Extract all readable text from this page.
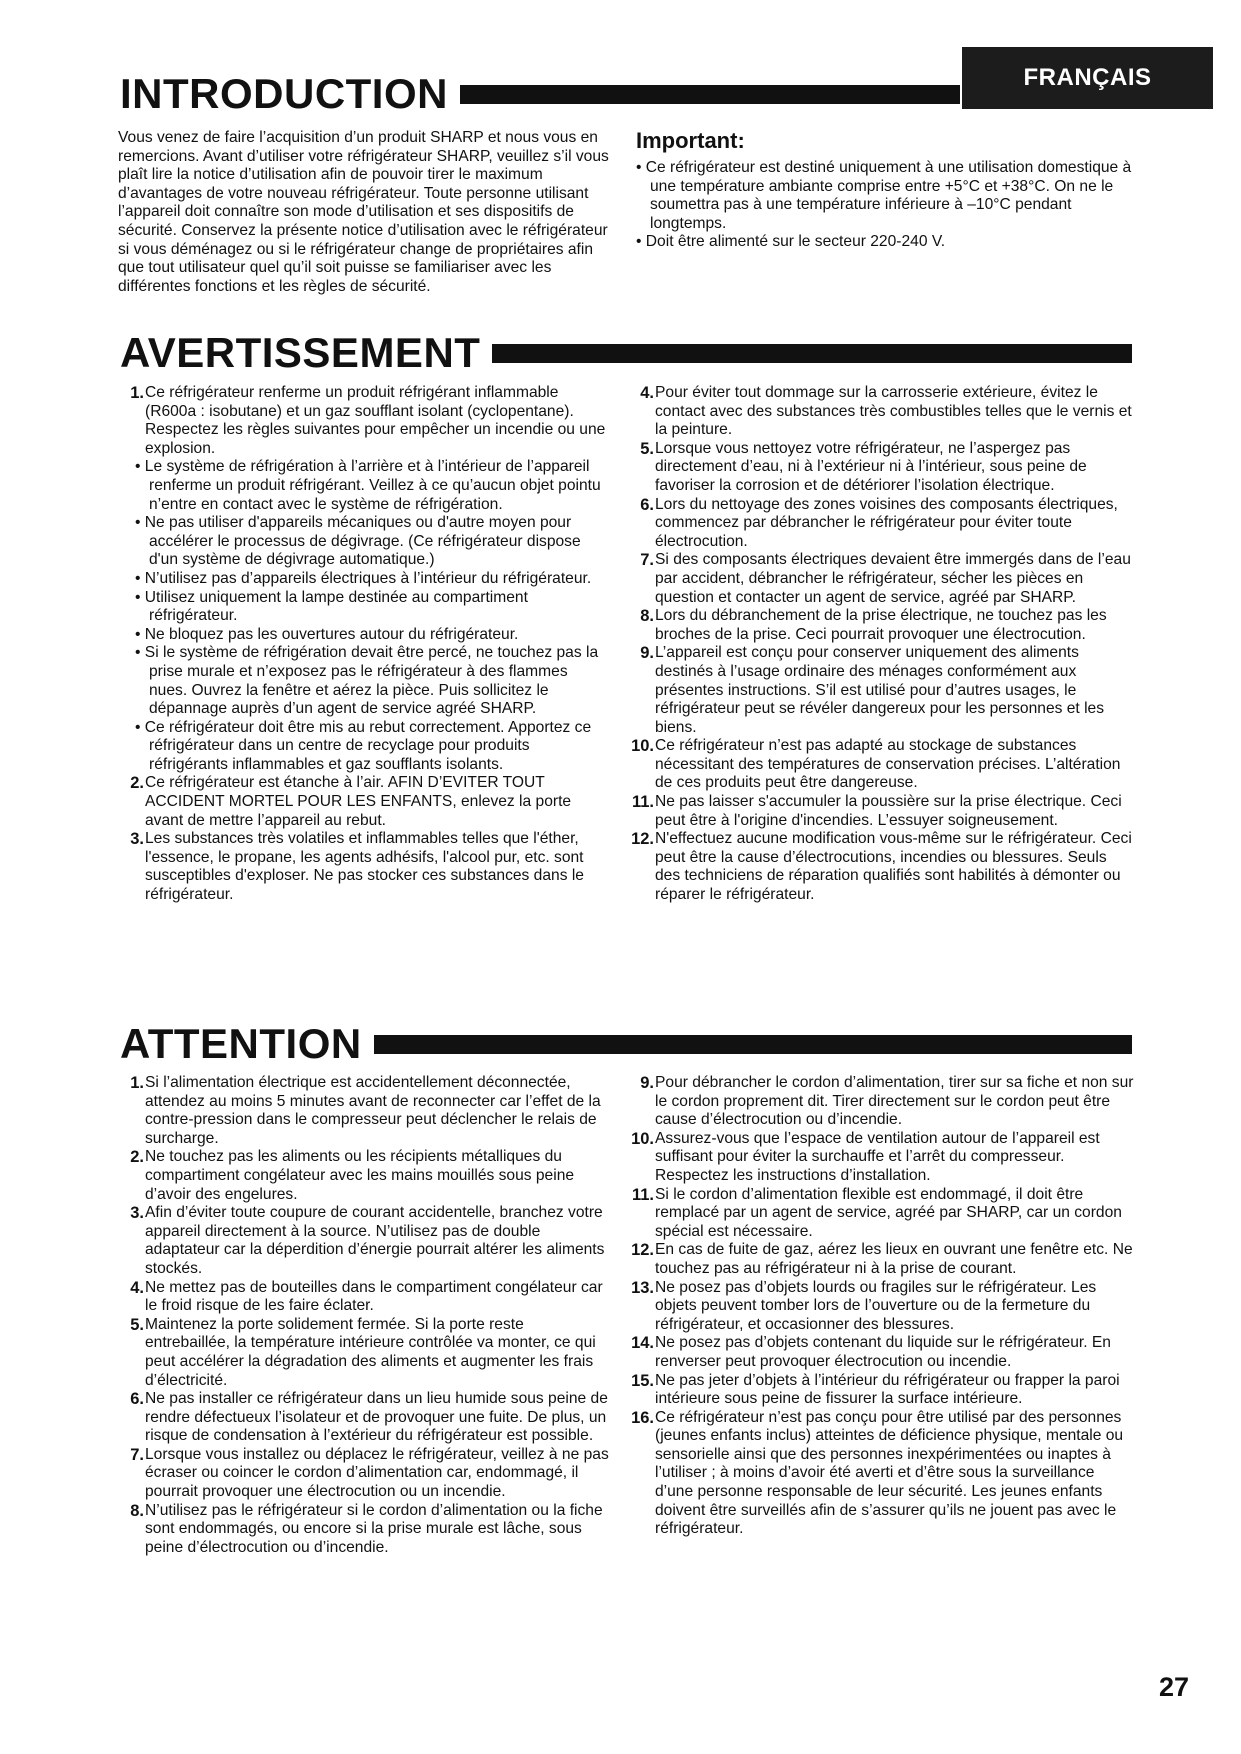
FRANÇAIS
INTRODUCTION

Vous venez de faire l’acquisition d’un produit SHARP et nous vous en remercions. Avant d’utiliser votre réfrigérateur SHARP, veuillez s’il vous plaît lire la notice d’utilisation afin de pouvoir tirer le maximum d’avantages de votre nouveau réfrigérateur. Toute personne utilisant l’appareil doit connaître son mode d’utilisation et ses dispositifs de sécurité. Conservez la présente notice d’utilisation avec le réfrigérateur si vous déménagez ou si le réfrigérateur change de propriétaires afin que tout utilisateur quel qu’il soit puisse se familiariser avec les différentes fonctions et les règles de sécurité.

Important:

• Ce réfrigérateur est destiné uniquement à une utilisation domestique à une température ambiante comprise entre +5°C et +38°C. On ne le soumettra pas à une température inférieure à –10°C pendant longtemps.

• Doit être alimenté sur le secteur 220-240 V.

AVERTISSEMENT
1. Ce réfrigérateur renferme un produit réfrigérant inflammable (R600a : isobutane) et un gaz soufflant isolant (cyclopentane). Respectez les règles suivantes pour empêcher un incendie ou une explosion.

• Le système de réfrigération à l’arrière et à l’intérieur de l’appareil renferme un produit réfrigérant. Veillez à ce qu’aucun objet pointu n’entre en contact avec le système de réfrigération.
• Ne pas utiliser d'appareils mécaniques ou d'autre moyen pour accélérer le processus de dégivrage. (Ce réfrigérateur dispose d'un système de dégivrage automatique.)
• N’utilisez pas d’appareils électriques à l’intérieur du réfrigérateur.
• Utilisez uniquement la lampe destinée au compartiment réfrigérateur.
• Ne bloquez pas les ouvertures autour du réfrigérateur.
• Si le système de réfrigération devait être percé, ne touchez pas la prise murale et n’exposez pas le réfrigérateur à des flammes nues. Ouvrez la fenêtre et aérez la pièce. Puis sollicitez le dépannage auprès d’un agent de service agréé SHARP.
• Ce réfrigérateur doit être mis au rebut correctement. Apportez ce réfrigérateur dans un centre de recyclage pour produits réfrigérants inflammables et gaz soufflants isolants.
2. Ce réfrigérateur est étanche à l’air. AFIN D’EVITER TOUT ACCIDENT MORTEL POUR LES ENFANTS, enlevez la porte avant de mettre l’appareil au rebut.

3. Les substances très volatiles et inflammables telles que l'éther, l'essence, le propane, les agents adhésifs, l'alcool pur, etc. sont susceptibles d'exploser. Ne pas stocker ces substances dans le réfrigérateur.

4. Pour éviter tout dommage sur la carrosserie extérieure, évitez le contact avec des substances très combustibles telles que le vernis et la peinture.

5. Lorsque vous nettoyez votre réfrigérateur, ne l’aspergez pas directement d’eau, ni à l’extérieur ni à l’intérieur, sous peine de favoriser la corrosion et de détériorer l’isolation électrique.

6. Lors du nettoyage des zones voisines des composants électriques, commencez par débrancher le réfrigérateur pour éviter toute électrocution.

7. Si des composants électriques devaient être immergés dans de l’eau par accident, débrancher le réfrigérateur, sécher les pièces en question et contacter un agent de service, agréé par SHARP.

8. Lors du débranchement de la prise électrique, ne touchez pas les broches de la prise. Ceci pourrait provoquer une électrocution.

9. L’appareil est conçu pour conserver uniquement des aliments destinés à l’usage ordinaire des ménages conformément aux présentes instructions. S’il est utilisé pour d’autres usages, le réfrigérateur peut se révéler dangereux pour les personnes et les biens.

10. Ce réfrigérateur n’est pas adapté au stockage de substances nécessitant des températures de conservation précises. L’altération de ces produits peut être dangereuse.

11. Ne pas laisser s'accumuler la poussière sur la prise électrique. Ceci peut être à l'origine d'incendies. L’essuyer soigneusement.

12. N'effectuez aucune modification vous-même sur le réfrigérateur. Ceci peut être la cause d’électrocutions, incendies ou blessures. Seuls des techniciens de réparation qualifiés sont habilités à démonter ou réparer le réfrigérateur.

ATTENTION
1. Si l’alimentation électrique est accidentellement déconnectée, attendez au moins 5 minutes avant de reconnecter car l’effet de la contre-pression dans le compresseur peut déclencher le relais de surcharge.

2. Ne touchez pas les aliments ou les récipients métalliques du compartiment congélateur avec les mains mouillés sous peine d’avoir des engelures.

3. Afin d’éviter toute coupure de courant accidentelle, branchez votre appareil directement à la source. N’utilisez pas de double adaptateur car la déperdition d’énergie pourrait altérer les aliments stockés.

4. Ne mettez pas de bouteilles dans le compartiment congélateur car le froid risque de les faire éclater.

5. Maintenez la porte solidement fermée. Si la porte reste entrebaillée, la température intérieure contrôlée va monter, ce qui peut accélérer la dégradation des aliments et augmenter les frais d’électricité.

6. Ne pas installer ce réfrigérateur dans un lieu humide sous peine de rendre défectueux l’isolateur et de provoquer une fuite. De plus, un risque de condensation à l’extérieur du réfrigérateur est possible.

7. Lorsque vous installez ou déplacez le réfrigérateur, veillez à ne pas écraser ou coincer le cordon d’alimentation car, endommagé, il pourrait provoquer une électrocution ou un incendie.

8. N’utilisez pas le réfrigérateur si le cordon d’alimentation ou la fiche sont endommagés, ou encore si la prise murale est lâche, sous peine d’électrocution ou d’incendie.

9. Pour débrancher le cordon d’alimentation, tirer sur sa fiche et non sur le cordon proprement dit. Tirer directement sur le cordon peut être cause d’électrocution ou d’incendie.

10. Assurez-vous que l’espace de ventilation autour de l’appareil est suffisant pour éviter la surchauffe et l’arrêt du compresseur. Respectez les instructions d’installation.

11. Si le cordon d’alimentation flexible est endommagé, il doit être remplacé par un agent de service, agréé par SHARP, car un cordon spécial est nécessaire.

12. En cas de fuite de gaz, aérez les lieux en ouvrant une fenêtre etc. Ne touchez pas au réfrigérateur ni à la prise de courant.

13. Ne posez pas d’objets lourds ou fragiles sur le réfrigérateur. Les objets peuvent tomber lors de l’ouverture ou de la fermeture du réfrigérateur, et occasionner des blessures.

14. Ne posez pas d’objets contenant du liquide sur le réfrigérateur. En renverser peut provoquer électrocution ou incendie.

15. Ne pas jeter d’objets à l’intérieur du réfrigérateur ou frapper la paroi intérieure sous peine de fissurer la surface intérieure.

16. Ce réfrigérateur n’est pas conçu pour être utilisé par des personnes (jeunes enfants inclus) atteintes de déficience physique, mentale ou sensorielle ainsi que des personnes inexpérimentées ou inaptes à l’utiliser ; à moins d’avoir été averti et d’être sous la surveillance d’une personne responsable de leur sécurité. Les jeunes enfants doivent être surveillés afin de s’assurer qu’ils ne jouent pas avec le réfrigérateur.

27
